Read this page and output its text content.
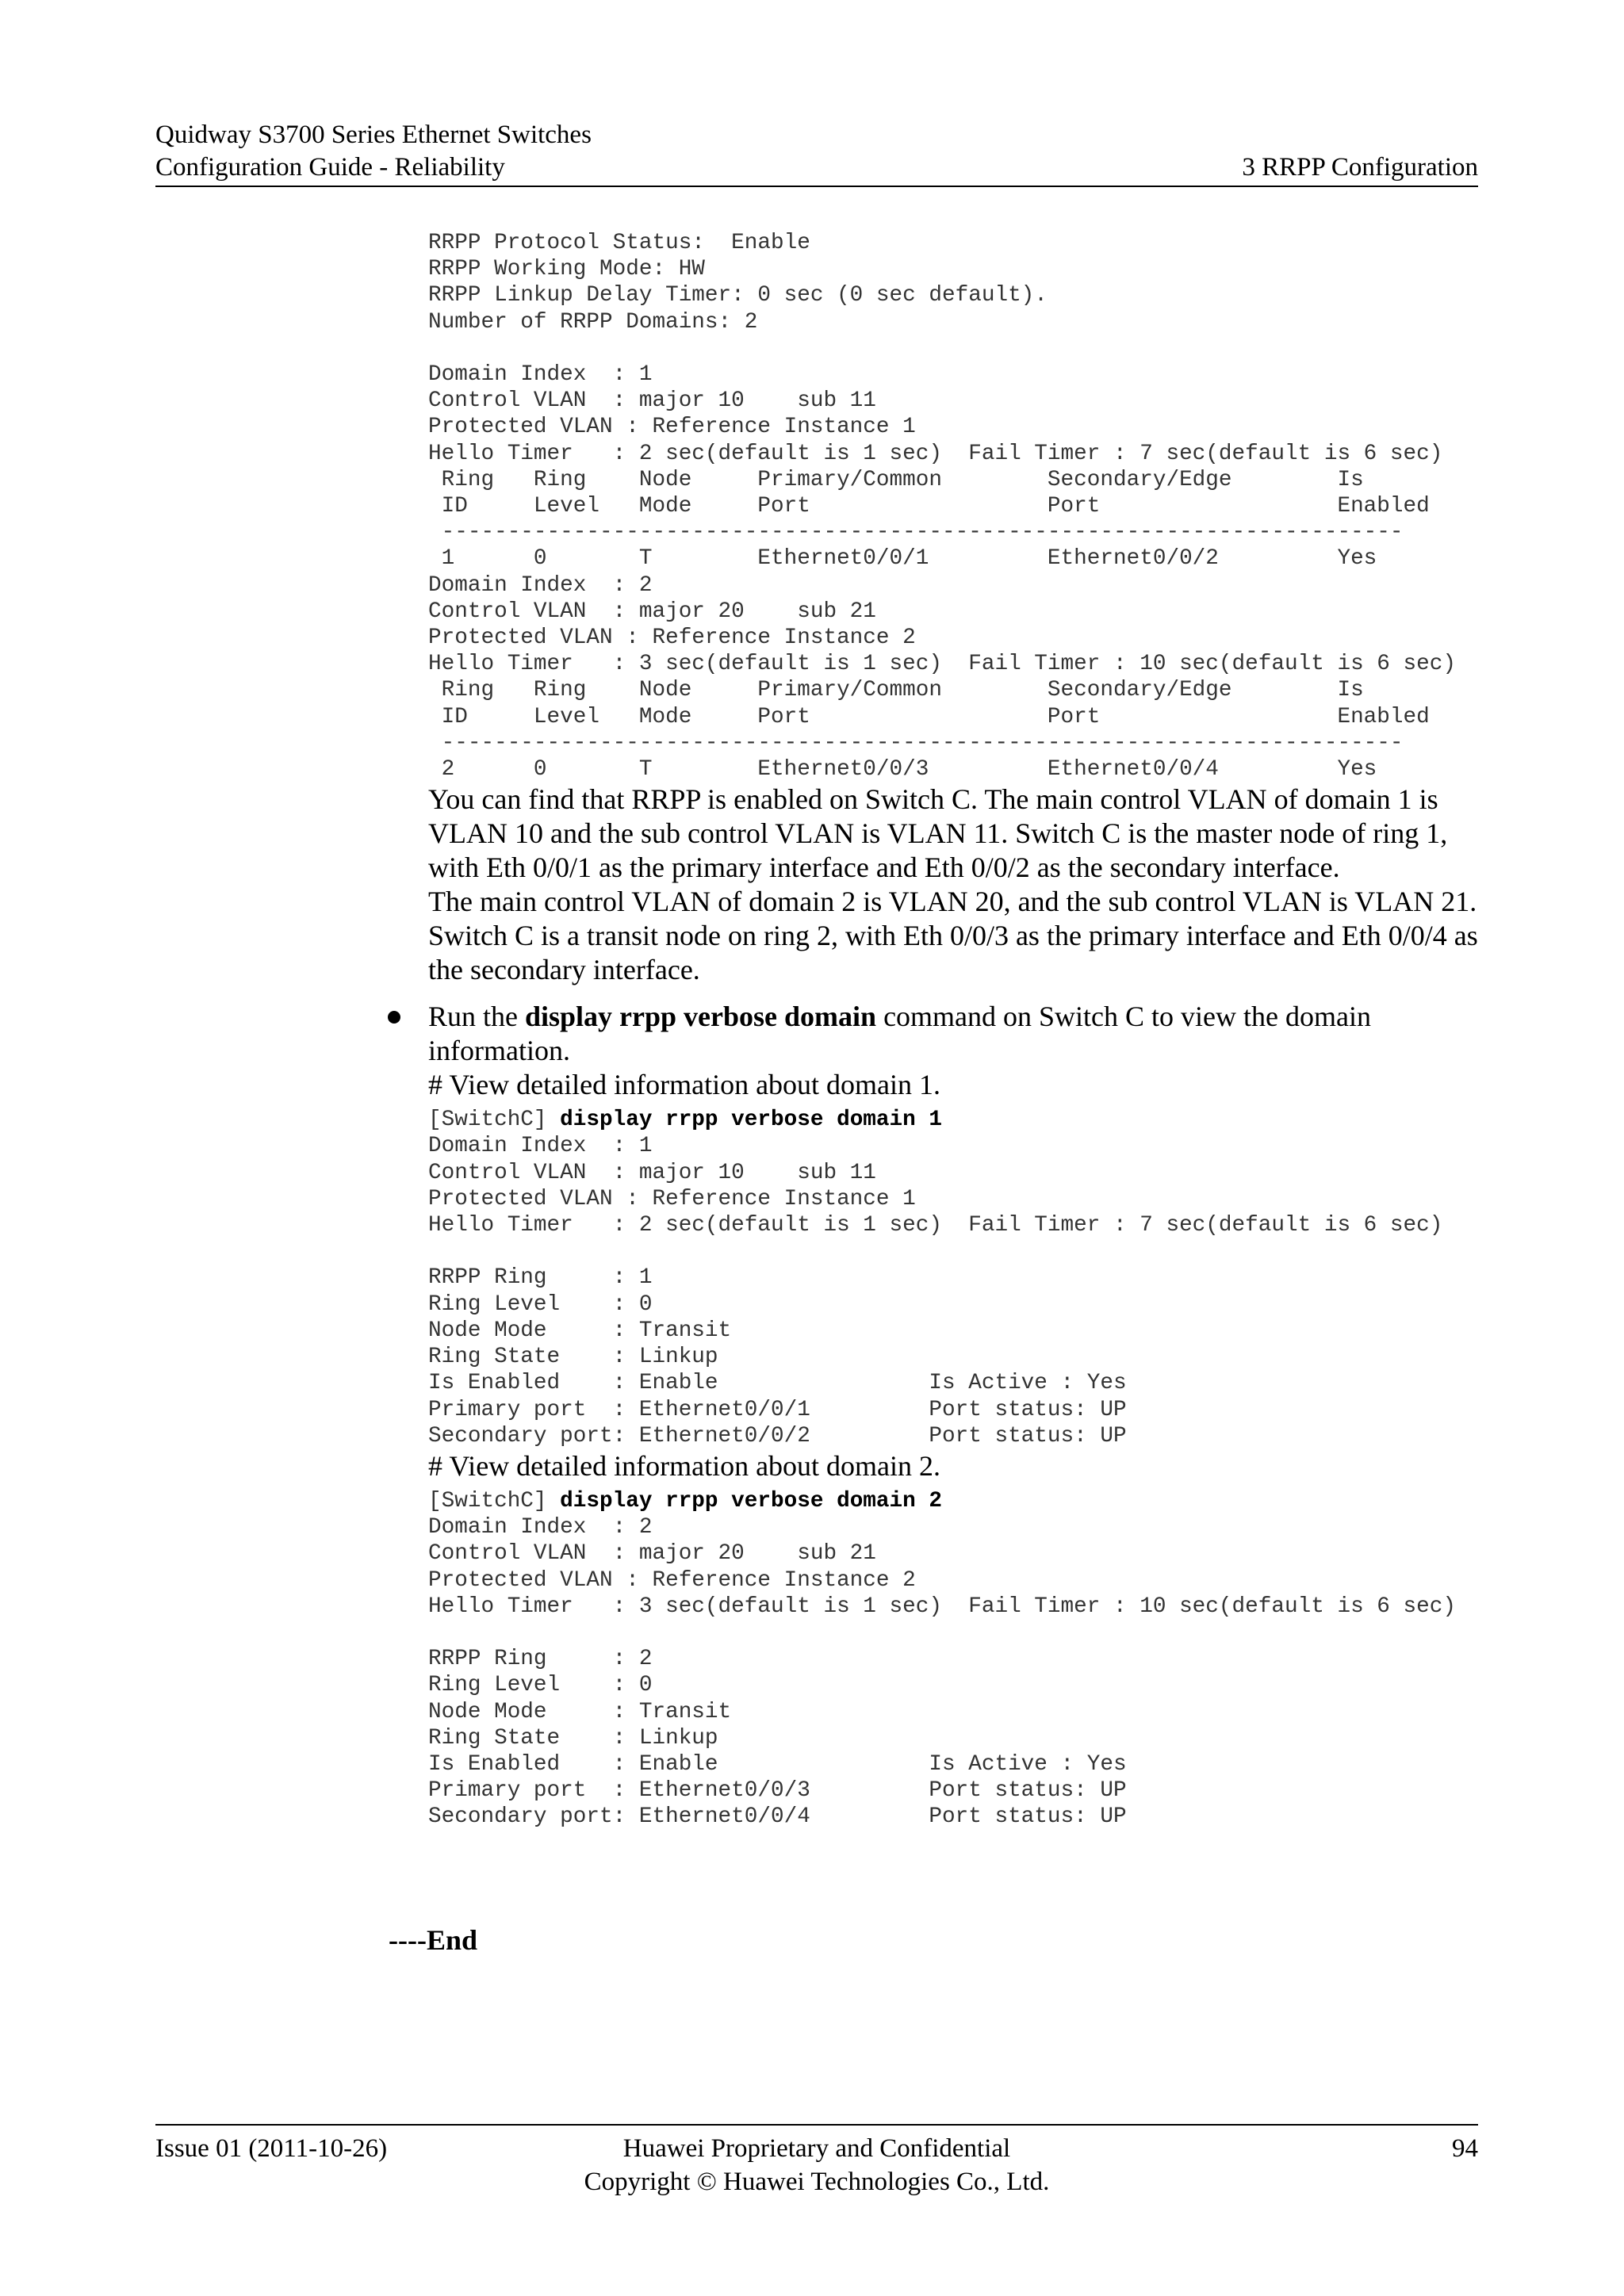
Quidway S3700 Series Ethernet Switches
Configuration Guide - Reliability	3 RRPP Configuration
RRPP Protocol Status:  Enable
RRPP Working Mode: HW
RRPP Linkup Delay Timer: 0 sec (0 sec default).
Number of RRPP Domains: 2

Domain Index  : 1
Control VLAN  : major 10    sub 11
Protected VLAN : Reference Instance 1
Hello Timer   : 2 sec(default is 1 sec)  Fail Timer : 7 sec(default is 6 sec)
Ring   Ring    Node     Primary/Common        Secondary/Edge        Is
ID     Level   Mode     Port                  Port                  Enabled
-------------------------------------------------------------------------
1      0       T        Ethernet0/0/1         Ethernet0/0/2         Yes
Domain Index  : 2
Control VLAN  : major 20    sub 21
Protected VLAN : Reference Instance 2
Hello Timer   : 3 sec(default is 1 sec)  Fail Timer : 10 sec(default is 6 sec)
Ring   Ring    Node     Primary/Common        Secondary/Edge        Is
ID     Level   Mode     Port                  Port                  Enabled
-------------------------------------------------------------------------
2      0       T        Ethernet0/0/3         Ethernet0/0/4         Yes

You can find that RRPP is enabled on Switch C. The main control VLAN of domain 1 is VLAN 10 and the sub control VLAN is VLAN 11. Switch C is the master node of ring 1, with Eth 0/0/1 as the primary interface and Eth 0/0/2 as the secondary interface.

The main control VLAN of domain 2 is VLAN 20, and the sub control VLAN is VLAN 21. Switch C is a transit node on ring 2, with Eth 0/0/3 as the primary interface and Eth 0/0/4 as the secondary interface.

Run the display rrpp verbose domain command on Switch C to view the domain information.

# View detailed information about domain 1.

[SwitchC] display rrpp verbose domain 1
Domain Index  : 1
Control VLAN  : major 10    sub 11
Protected VLAN : Reference Instance 1
Hello Timer   : 2 sec(default is 1 sec)  Fail Timer : 7 sec(default is 6 sec)

RRPP Ring     : 1
Ring Level    : 0
Node Mode     : Transit
Ring State    : Linkup
Is Enabled    : Enable                Is Active : Yes
Primary port  : Ethernet0/0/1         Port status: UP
Secondary port: Ethernet0/0/2         Port status: UP

# View detailed information about domain 2.

[SwitchC] display rrpp verbose domain 2
Domain Index  : 2
Control VLAN  : major 20    sub 21
Protected VLAN : Reference Instance 2
Hello Timer   : 3 sec(default is 1 sec)  Fail Timer : 10 sec(default is 6 sec)

RRPP Ring     : 2
Ring Level    : 0
Node Mode     : Transit
Ring State    : Linkup
Is Enabled    : Enable                Is Active : Yes
Primary port  : Ethernet0/0/3         Port status: UP
Secondary port: Ethernet0/0/4         Port status: UP
----End
Issue 01 (2011-10-26)	Huawei Proprietary and Confidential
Copyright © Huawei Technologies Co., Ltd.
94
